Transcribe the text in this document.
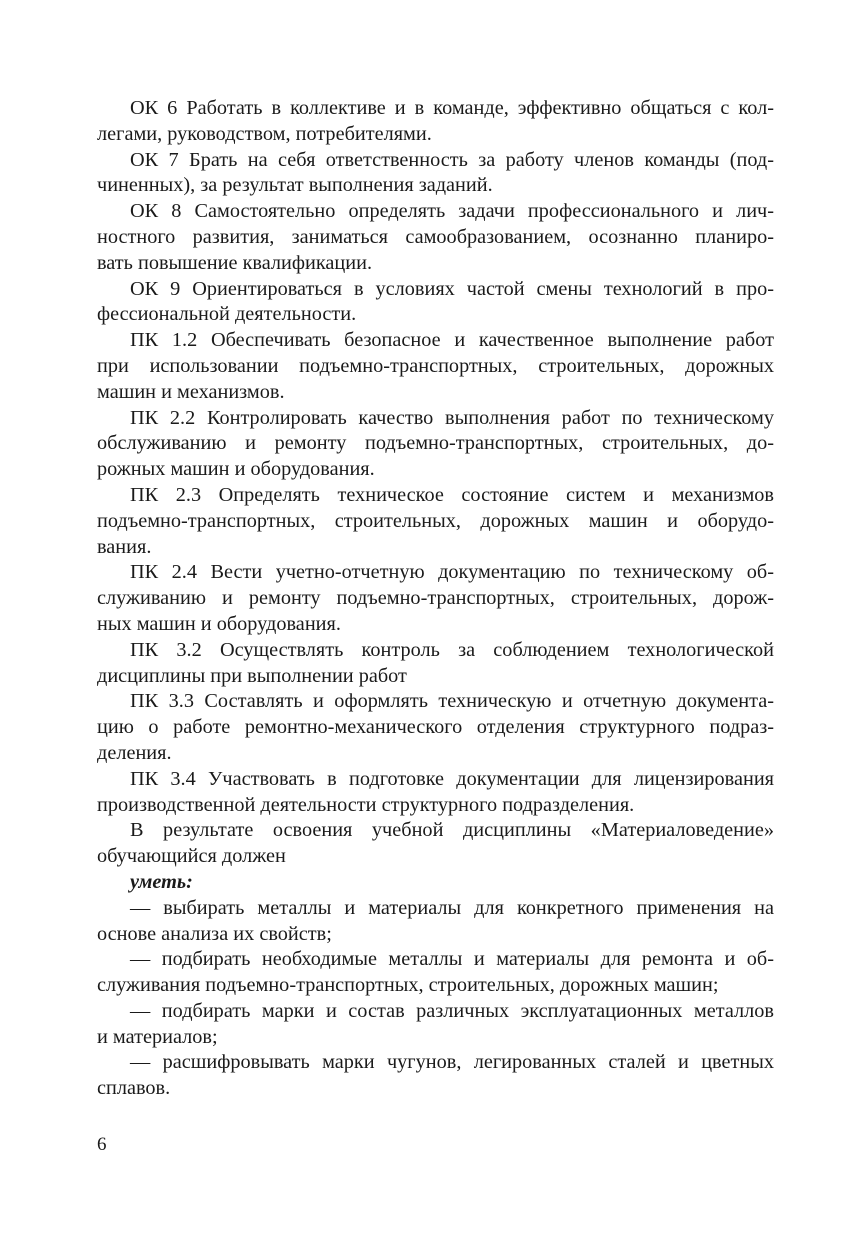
ОК 6 Работать в коллективе и в команде, эффективно общаться с кол-
легами, руководством, потребителями.

ОК 7 Брать на себя ответственность за работу членов команды (под-
чиненных), за результат выполнения заданий.

ОК 8 Самостоятельно определять задачи профессионального и лич-
ностного развития, заниматься самообразованием, осознанно планиро-
вать повышение квалификации.

ОК 9 Ориентироваться в условиях частой смены технологий в про-
фессиональной деятельности.

ПК 1.2 Обеспечивать безопасное и качественное выполнение работ
при использовании подъемно-транспортных, строительных, дорожных
машин и механизмов.

ПК 2.2 Контролировать качество выполнения работ по техническому
обслуживанию и ремонту подъемно-транспортных, строительных, до-
рожных машин и оборудования.

ПК 2.3 Определять техническое состояние систем и механизмов
подъемно-транспортных, строительных, дорожных машин и оборудо-
вания.

ПК 2.4 Вести учетно-отчетную документацию по техническому об-
служиванию и ремонту подъемно-транспортных, строительных, дорож-
ных машин и оборудования.

ПК 3.2 Осуществлять контроль за соблюдением технологической
дисциплины при выполнении работ

ПК 3.3 Составлять и оформлять техническую и отчетную документа-
цию о работе ремонтно-механического отделения структурного подраз-
деления.

ПК 3.4 Участвовать в подготовке документации для лицензирования
производственной деятельности структурного подразделения.

В результате освоения учебной дисциплины «Материаловедение»
обучающийся должен

уметь:

— выбирать металлы и материалы для конкретного применения на
основе анализа их свойств;

— подбирать необходимые металлы и материалы для ремонта и об-
служивания подъемно-транспортных, строительных, дорожных машин;

— подбирать марки и состав различных эксплуатационных металлов
и материалов;

— расшифровывать марки чугунов, легированных сталей и цветных
сплавов.

6
